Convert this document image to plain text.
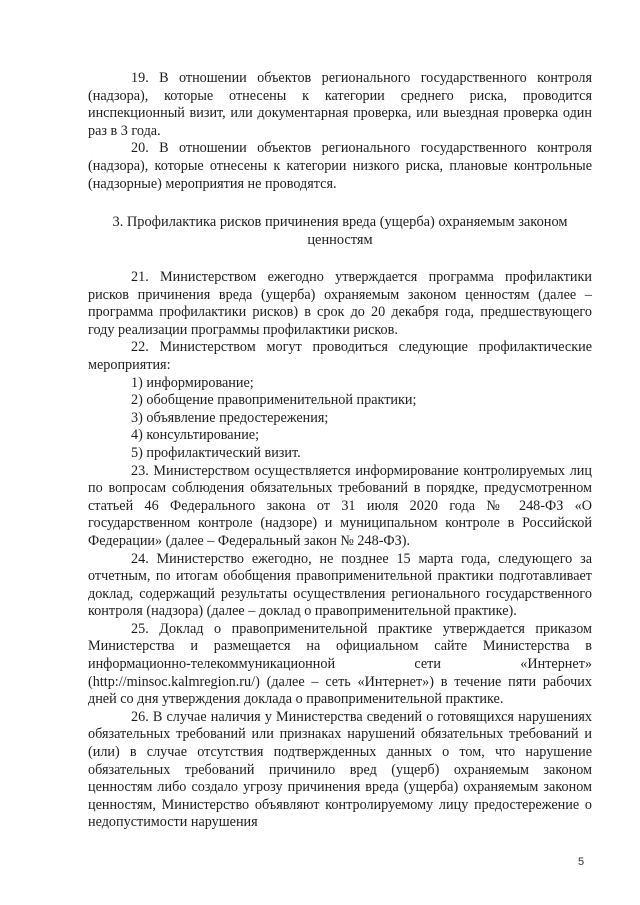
19. В отношении объектов регионального государственного контроля (надзора), которые отнесены к категории среднего риска, проводится инспекционный визит, или документарная проверка, или выездная проверка один раз в 3 года.

20. В отношении объектов регионального государственного контроля (надзора), которые отнесены к категории низкого риска, плановые контрольные (надзорные) мероприятия не проводятся.

3. Профилактика рисков причинения вреда (ущерба) охраняемым законом ценностям

21. Министерством ежегодно утверждается программа профилактики рисков причинения вреда (ущерба) охраняемым законом ценностям (далее – программа профилактики рисков) в срок до 20 декабря года, предшествующего году реализации программы профилактики рисков.

22. Министерством могут проводиться следующие профилактические мероприятия:

1) информирование;

2) обобщение правоприменительной практики;

3) объявление предостережения;

4) консультирование;

5) профилактический визит.

23. Министерством осуществляется информирование контролируемых лиц по вопросам соблюдения обязательных требований в порядке, предусмотренном статьей 46 Федерального закона от 31 июля 2020 года № 248-ФЗ «О государственном контроле (надзоре) и муниципальном контроле в Российской Федерации» (далее – Федеральный закон № 248-ФЗ).

24. Министерство ежегодно, не позднее 15 марта года, следующего за отчетным, по итогам обобщения правоприменительной практики подготавливает доклад, содержащий результаты осуществления регионального государственного контроля (надзора) (далее – доклад о правоприменительной практике).

25. Доклад о правоприменительной практике утверждается приказом Министерства и размещается на официальном сайте Министерства в информационно-телекоммуникационной сети «Интернет» (http://minsoc.kalmregion.ru/) (далее – сеть «Интернет») в течение пяти рабочих дней со дня утверждения доклада о правоприменительной практике.

26. В случае наличия у Министерства сведений о готовящихся нарушениях обязательных требований или признаках нарушений обязательных требований и (или) в случае отсутствия подтвержденных данных о том, что нарушение обязательных требований причинило вред (ущерб) охраняемым законом ценностям либо создало угрозу причинения вреда (ущерба) охраняемым законом ценностям, Министерство объявляют контролируемому лицу предостережение о недопустимости нарушения

5
